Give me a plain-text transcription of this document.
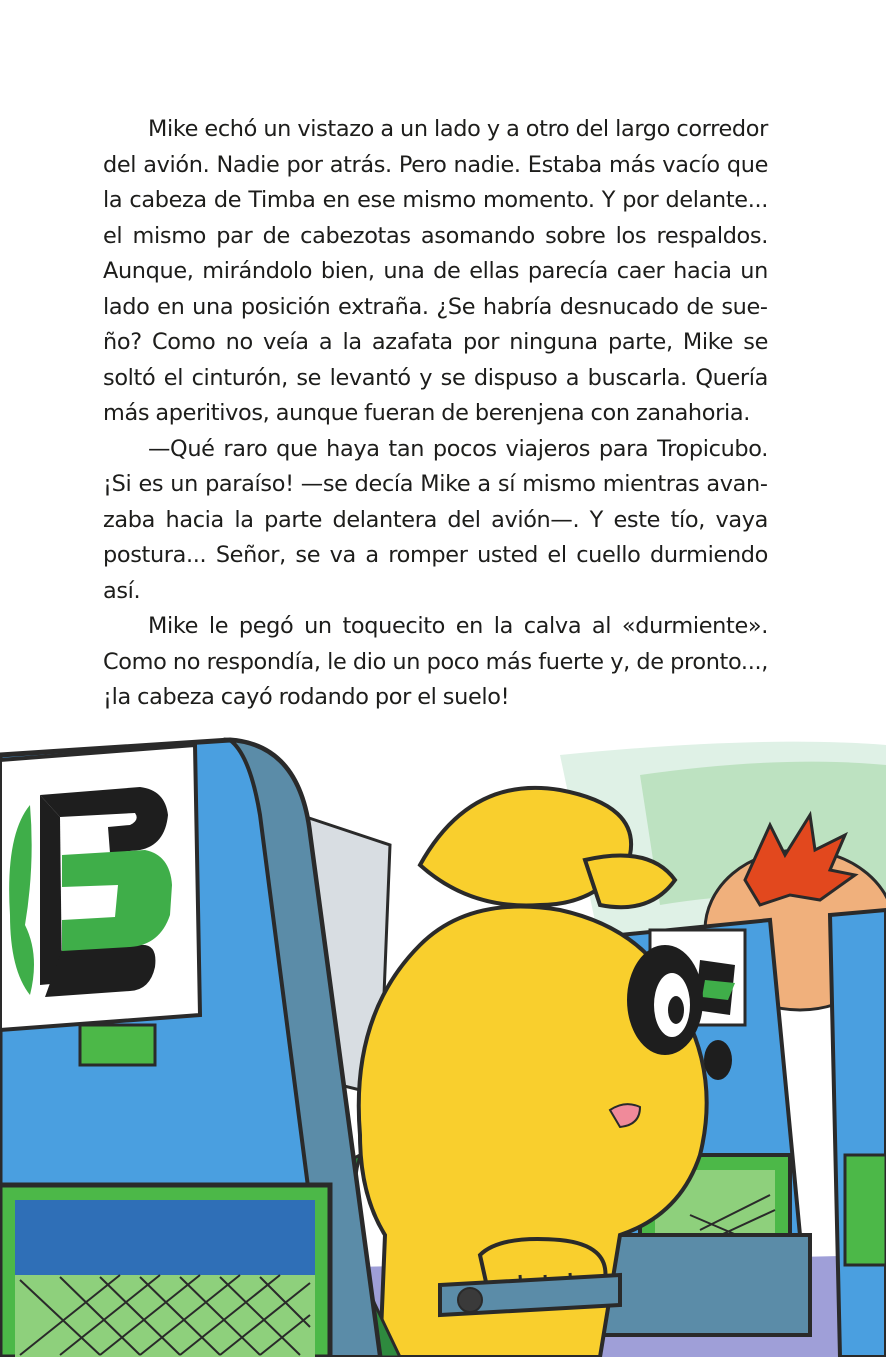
Mike echó un vistazo a un lado y a otro del largo corredor del avión. Nadie por atrás. Pero nadie. Estaba más vacío que la cabeza de Timba en ese mismo momento. Y por delante... el mismo par de cabezotas asomando sobre los respaldos. Aunque, mirándolo bien, una de ellas parecía caer hacia un lado en una posición extraña. ¿Se habría desnucado de sueño? Como no veía a la azafata por ninguna parte, Mike se soltó el cinturón, se levantó y se dispuso a buscarla. Quería más aperitivos, aunque fueran de berenjena con zanahoria.

—Qué raro que haya tan pocos viajeros para Tropicubo. ¡Si es un paraíso! —se decía Mike a sí mismo mientras avanzaba hacia la parte delantera del avión—. Y este tío, vaya postura... Señor, se va a romper usted el cuello durmiendo así.

Mike le pegó un toquecito en la calva al «durmiente». Como no respondía, le dio un poco más fuerte y, de pronto..., ¡la cabeza cayó rodando por el suelo!
